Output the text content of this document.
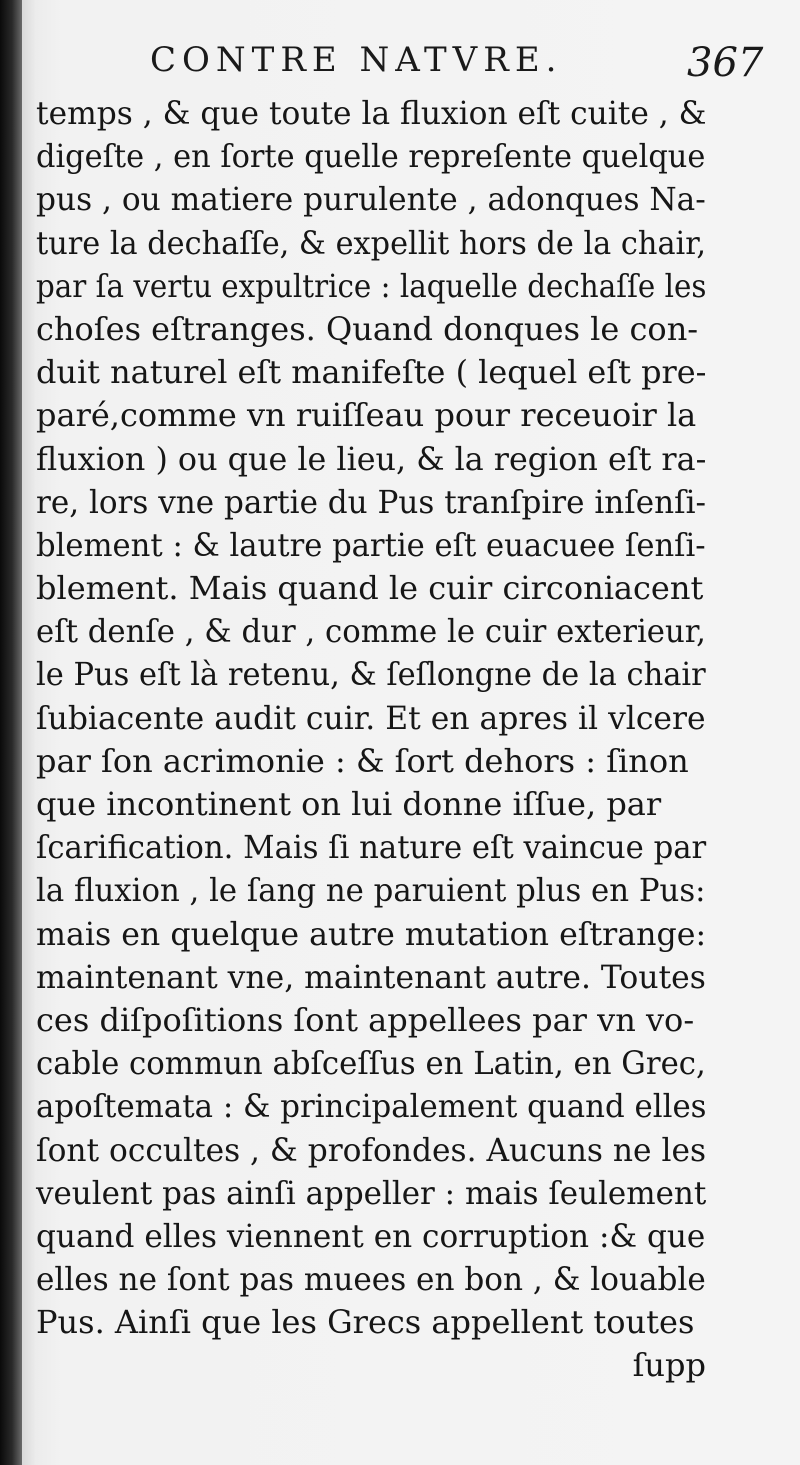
CONTRE NATVRE.	367
temps , & que toute la fluxion eſt cuite , &
digeſte , en ſorte quelle repreſente quelque
pus , ou matiere purulente , adonques Na-
ture la dechaſſe, & expellit hors de la chair,
par ſa vertu expultrice : laquelle dechaſſe les
choſes eſtranges. Quand donques le con-
duit naturel eſt manifeſte ( lequel eſt pre-
paré,comme vn ruiſſeau pour receuoir la
fluxion ) ou que le lieu, & la region eſt ra-
re, lors vne partie du Pus tranſpire inſenſi-
blement : & lautre partie eſt euacuee ſenſi-
blement. Mais quand le cuir circoniacent
eſt denſe , & dur , comme le cuir exterieur,
le Pus eſt là retenu, & ſeſlongne de la chair
ſubiacente audit cuir. Et en apres il vlcere
par ſon acrimonie : & ſort dehors : ſinon
que incontinent on lui donne iſſue, par
ſcarification. Mais ſi nature eſt vaincue par
la fluxion , le ſang ne paruient plus en Pus:
mais en quelque autre mutation eſtrange:
maintenant vne, maintenant autre. Toutes
ces diſpoſitions ſont appellees par vn vo-
cable commun abſceſſus en Latin, en Grec,
apoſtemata : & principalement quand elles
ſont occultes , & profondes. Aucuns ne les
veulent pas ainſi appeller : mais ſeulement
quand elles viennent en corruption :& que
elles ne ſont pas muees en bon , & louable
Pus. Ainſi que les Grecs appellent toutes
ſupp
